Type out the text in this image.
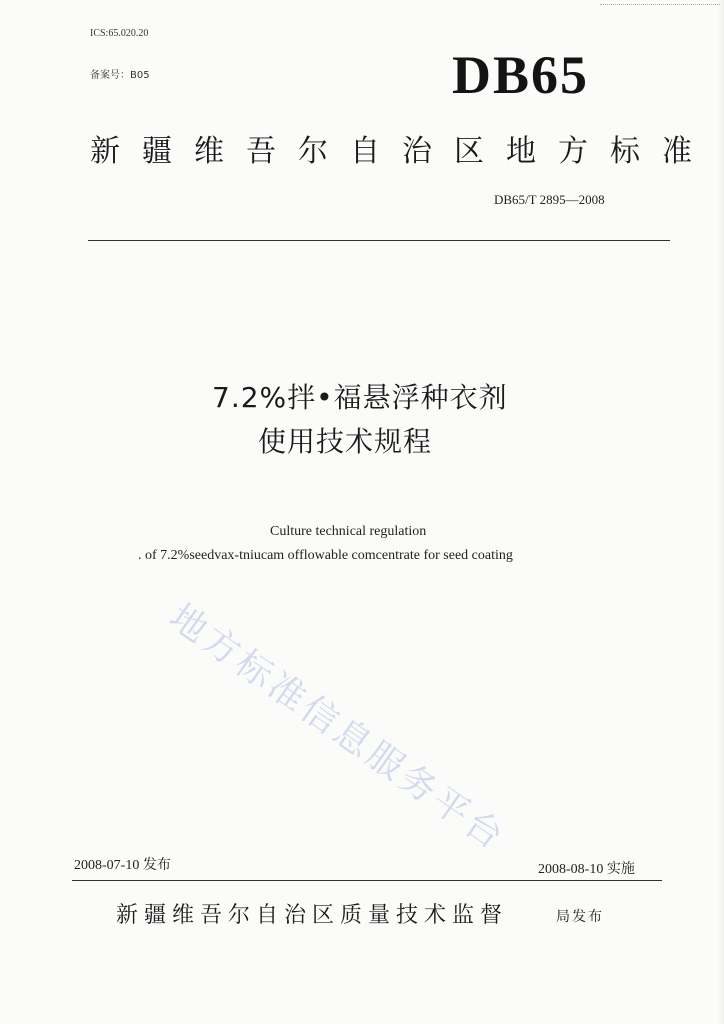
ICS:65.020.20
备案号：B05	DB65
新疆维吾尔自治区地方标准
DB65/T 2895—2008
7.2%拌•福悬浮种衣剂
使用技术规程
Culture technical regulation
. of 7.2%seedvax-tniucam offlowable comcentrate for seed coating
地方标准信息服务平台
2008-07-10 发布	2008-08-10 实施
新疆维吾尔自治区质量技术监督	局发布
